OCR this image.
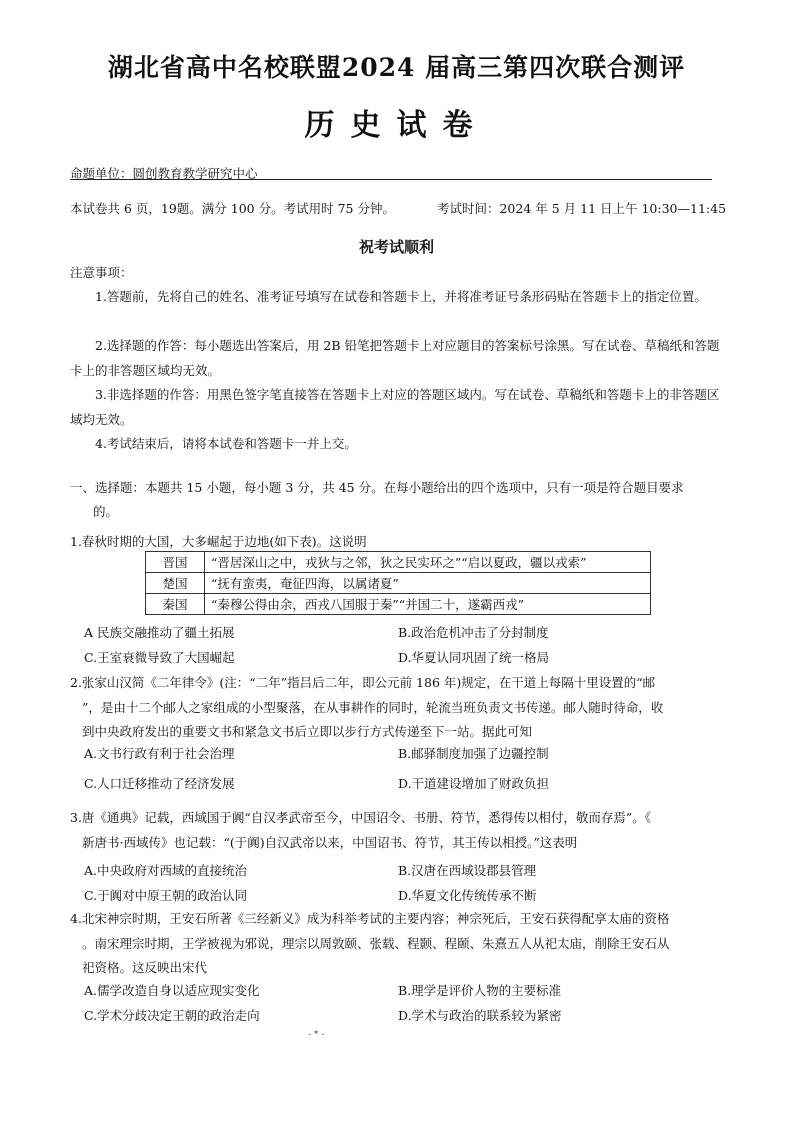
湖北省高中名校联盟2024 届高三第四次联合测评
历史试卷
命题单位：圆创教育教学研究中心
本试卷共 6 页，19题。满分 100 分。考试用时 75 分钟。	考试时间：2024 年 5 月 11 日上午 10:30—11:45
祝考试顺利
注意事项：
1.答题前，先将自己的姓名、准考证号填写在试卷和答题卡上，并将准考证号条形码贴在答题卡上的指定位置。
2.选择题的作答：每小题选出答案后，用 2B 铅笔把答题卡上对应题目的答案标号涂黑。写在试卷、草稿纸和答题卡上的非答题区域均无效。
3.非选择题的作答：用黑色签字笔直接答在答题卡上对应的答题区域内。写在试卷、草稿纸和答题卡上的非答题区域均无效。
4.考试结束后，请将本试卷和答题卡一并上交。
一、选择题：本题共 15 小题，每小题 3 分，共 45 分。在每小题给出的四个选项中，只有一项是符合题目要求
的。
1.春秋时期的大国，大多崛起于边地(如下表)。这说明
晋国	“晋居深山之中，戎狄与之邻，狄之民实环之”“启以夏政，疆以戎索”
楚国	“抚有蛮夷，奄征四海，以属诸夏”
秦国	“秦穆公得由余，西戎八国服于秦”“并国二十，遂霸西戎”
A 民族交融推动了疆土拓展	B.政治危机冲击了分封制度
C.王室衰微导致了大国崛起	D.华夏认同巩固了统一格局
2.张家山汉简《二年律令》(注：“二年”指吕后二年，即公元前 186 年)规定，在干道上每隔十里设置的“邮
”，是由十二个邮人之家组成的小型聚落，在从事耕作的同时，轮流当班负责文书传递。邮人随时待命，收
到中央政府发出的重要文书和紧急文书后立即以步行方式传递至下一站。据此可知
A.文书行政有利于社会治理	B.邮驿制度加强了边疆控制
C.人口迁移推动了经济发展	D.干道建设增加了财政负担
3.唐《通典》记载，西域国于阗“自汉孝武帝至今，中国诏令、书册、符节，悉得传以相付，敬而存焉”。《
新唐书·西域传》也记载：“(于阗)自汉武帝以来，中国诏书、符节，其王传以相授。”这表明
A.中央政府对西域的直接统治	B.汉唐在西域设郡县管理
C.于阗对中原王朝的政治认同	D.华夏文化传统传承不断
4.北宋神宗时期，王安石所著《三经新义》成为科举考试的主要内容；神宗死后，王安石获得配享太庙的资格
。南宋理宗时期，王学被视为邪说，理宗以周敦颐、张载、程颢、程颐、朱熹五人从祀太庙，削除王安石从
祀资格。这反映出宋代
A.儒学改造自身以适应现实变化	B.理学是评价人物的主要标准
C.学术分歧决定王朝的政治走向	D.学术与政治的联系较为紧密
- * -
